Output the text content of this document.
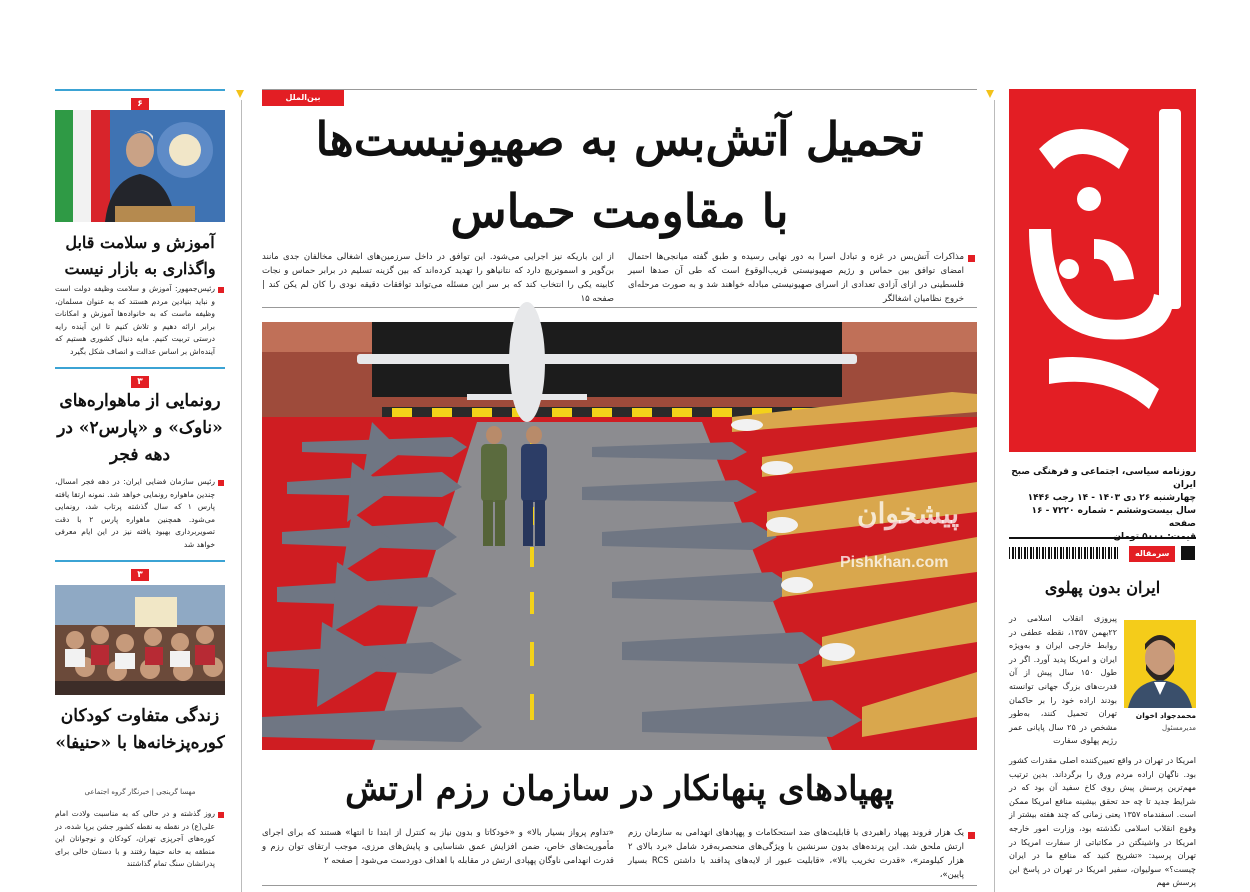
روزنامه سیاسی، اجتماعی و فرهنگی صبح ایران
چهارشنبه ۲۶ دی ۱۴۰۳ - ۱۴ رجب ۱۴۴۶
سال بیست‌وششم - شماره ۷۲۲۰ - ۱۶ صفحه
سرمقاله
ایران بدون پهلوی
محمدجواد اخوان
مدیرمسئول
پیروزی انقلاب اسلامی در ۲۲بهمن ۱۳۵۷، نقطه عطفی در روابط خارجی ایران و به‌ویژه ایران و امریکا پدید آورد. اگر در طول ۱۵۰ سال پیش از آن قدرت‌های بزرگ جهانی توانسته بودند اراده خود را بر حاکمان تهران تحمیل کنند، به‌طور مشخص در ۲۵ سال پایانی عمر رژیم پهلوی سفارت
امریکا در تهران در واقع تعیین‌کننده اصلی مقدرات کشور بود. ناگهان اراده مردم ورق را برگرداند. بدین ترتیب مهم‌ترین پرسش پیش روی کاخ سفید آن بود که در شرایط جدید تا چه حد تحقق بیشینه منافع امریکا ممکن است. اسفندماه ۱۳۵۷ یعنی زمانی که چند هفته بیشتر از وقوع انقلاب اسلامی نگذشته بود، وزارت امور خارجه امریکا در واشینگتن در مکاتباتی از سفارت امریکا در تهران پرسید: «تشریح کنید که منافع ما در ایران چیست؟» سولیوان، سفیر امریکا در تهران در پاسخ این پرسش مهم
بین‌الملل
تحمیل آتش‌بس به صهیونیست‌ها
با مقاومت حماس
مذاکرات آتش‌بس در غزه و تبادل اسرا به دور نهایی رسیده و طبق گفته میانجی‌ها احتمال امضای توافق بین حماس و رژیم صهیونیستی قریب‌الوقوع است که طی آن صدها اسیر فلسطینی در ازای آزادی تعدادی از اسرای صهیونیستی مبادله خواهند شد و به صورت مرحله‌ای خروج نظامیان اشغالگر
از این باریکه نیز اجرایی می‌شود. این توافق در داخل سرزمین‌های اشغالی مخالفان جدی مانند بن‌گویر و اسموتریچ دارد که نتانیاهو را تهدید کرده‌اند که بین گزینه تسلیم در برابر حماس و نجات کابینه یکی را انتخاب کند که بر سر این مسئله می‌تواند توافقات دقیقه نودی را کان لم یکن کند | صفحه ۱۵
پیشخوان
Pishkhan.com
پهپادهای پنهانکار در سازمان رزم ارتش
یک هزار فروند پهپاد راهبردی با قابلیت‌های ضد استحکامات و پهپادهای انهدامی به سازمان رزم ارتش ملحق شد. این پرنده‌های بدون سرنشین با ویژگی‌های منحصربه‌فرد شامل «برد بالای ۲ هزار کیلومتر»، «قدرت تخریب بالا»، «قابلیت عبور از لایه‌های پدافند با داشتن RCS بسیار پایین»،
«تداوم پرواز بسیار بالا» و «خودکاتا و بدون نیاز به کنترل از ابتدا تا انتها» هستند که برای اجرای مأموریت‌های خاص، ضمن افزایش عمق شناسایی و پایش‌های مرزی، موجب ارتقای توان رزم و قدرت انهدامی ناوگان پهپادی ارتش در مقابله با اهداف دوردست می‌شود | صفحه ۲
۶
آموزش و سلامت قابل واگذاری به بازار نیست
رئیس‌جمهور: آموزش و سلامت وظیفه دولت است و نباید بنیادین مردم هستند که به عنوان مسلمان، وظیفه ماست که به خانواده‌ها آموزش و امکانات برابر ارائه دهیم و تلاش کنیم تا این آینده رایه درستی تربیت کنیم. مایه دنبال کشوری هستیم که آینده‌اش بر اساس عدالت و انصاف شکل بگیرد
۳
رونمایی از ماهواره‌های «ناوک» و «پارس۲» در دهه فجر
رئیس سازمان فضایی ایران: در دهه فجر امسال، چندین ماهواره رونمایی خواهد شد. نمونه ارتقا یافته پارس ۱ که سال گذشته پرتاب شد، رونمایی می‌شود. همچنین ماهواره پارس ۲ با دقت تصویربرداری بهبود یافته نیز در این ایام معرفی خواهد شد
۳
زندگی متفاوت کودکان کوره‌پزخانه‌ها با «حنیفا»
مهسا گرینجی | خبرنگار گروه اجتماعی
روز گذشته و در حالی که به مناسبت ولادت امام علی(ع) در نقطه به نقطه کشور جشن برپا شده، در کوره‌های آجرپزی تهران، کودکان و نوجوانان این منطقه به خانه حنیفا رفتند و با دستان خالی برای پدرانشان سنگ تمام گذاشتند
